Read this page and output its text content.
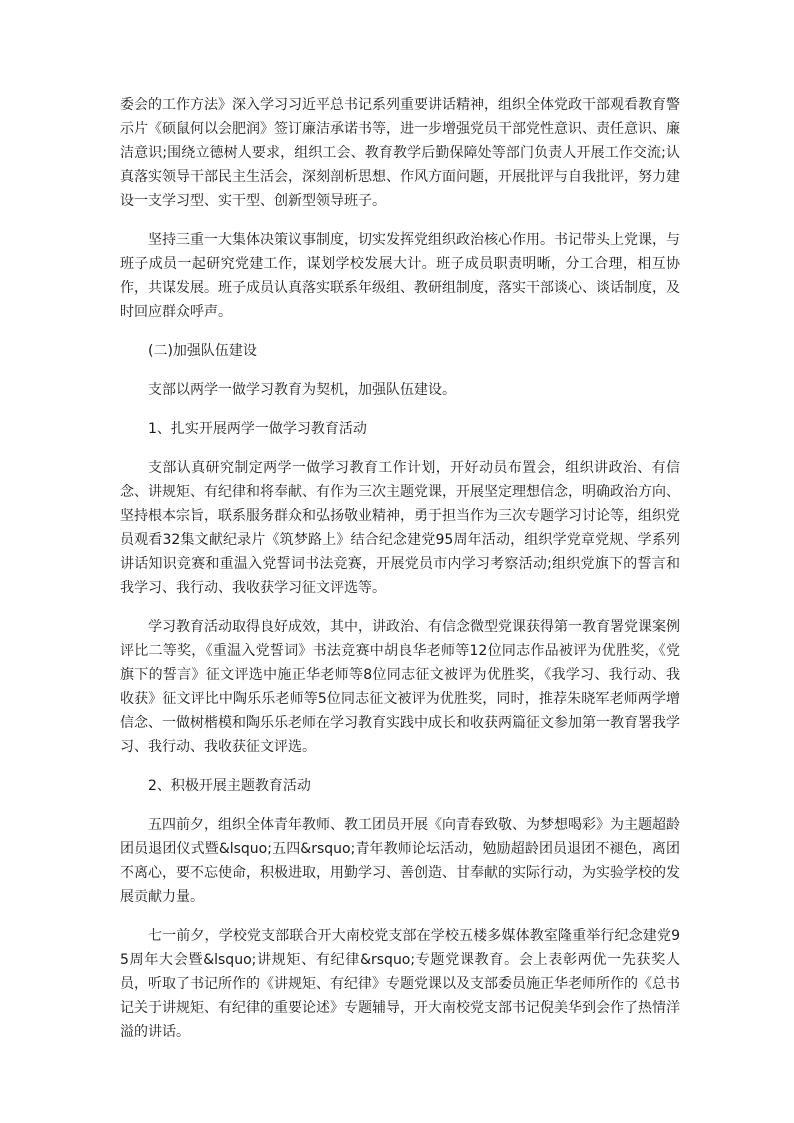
委会的工作方法》深入学习习近平总书记系列重要讲话精神，组织全体党政干部观看教育警示片《硕鼠何以会肥润》签订廉洁承诺书等，进一步增强党员干部党性意识、责任意识、廉洁意识;围绕立德树人要求，组织工会、教育教学后勤保障处等部门负责人开展工作交流;认真落实领导干部民主生活会，深刻剖析思想、作风方面问题，开展批评与自我批评，努力建设一支学习型、实干型、创新型领导班子。

坚持三重一大集体决策议事制度，切实发挥党组织政治核心作用。书记带头上党课，与班子成员一起研究党建工作，谋划学校发展大计。班子成员职责明晰，分工合理，相互协作，共谋发展。班子成员认真落实联系年级组、教研组制度，落实干部谈心、谈话制度，及时回应群众呼声。

(二)加强队伍建设

支部以两学一做学习教育为契机，加强队伍建设。

1、扎实开展两学一做学习教育活动

支部认真研究制定两学一做学习教育工作计划，开好动员布置会，组织讲政治、有信念、讲规矩、有纪律和将奉献、有作为三次主题党课，开展坚定理想信念，明确政治方向、坚持根本宗旨，联系服务群众和弘扬敬业精神，勇于担当作为三次专题学习讨论等，组织党员观看32集文献纪录片《筑梦路上》结合纪念建党95周年活动，组织学党章党规、学系列讲话知识竞赛和重温入党誓词书法竞赛，开展党员市内学习考察活动;组织党旗下的誓言和我学习、我行动、我收获学习征文评选等。

学习教育活动取得良好成效，其中，讲政治、有信念微型党课获得第一教育署党课案例评比二等奖，《重温入党誓词》书法竞赛中胡良华老师等12位同志作品被评为优胜奖，《党旗下的誓言》征文评选中施正华老师等8位同志征文被评为优胜奖，《我学习、我行动、我收获》征文评比中陶乐乐老师等5位同志征文被评为优胜奖，同时，推荐朱晓军老师两学增信念、一做树楷模和陶乐乐老师在学习教育实践中成长和收获两篇征文参加第一教育署我学习、我行动、我收获征文评选。

2、积极开展主题教育活动

五四前夕，组织全体青年教师、教工团员开展《向青春致敬、为梦想喝彩》为主题超龄团员退团仪式暨&lsquo;五四&rsquo;青年教师论坛活动，勉励超龄团员退团不褪色，离团不离心，要不忘使命，积极进取，用勤学习、善创造、甘奉献的实际行动，为实验学校的发展贡献力量。

七一前夕，学校党支部联合开大南校党支部在学校五楼多媒体教室隆重举行纪念建党95周年大会暨&lsquo;讲规矩、有纪律&rsquo;专题党课教育。会上表彰两优一先获奖人员，听取了书记所作的《讲规矩、有纪律》专题党课以及支部委员施正华老师所作的《总书记关于讲规矩、有纪律的重要论述》专题辅导，开大南校党支部书记倪美华到会作了热情洋溢的讲话。
